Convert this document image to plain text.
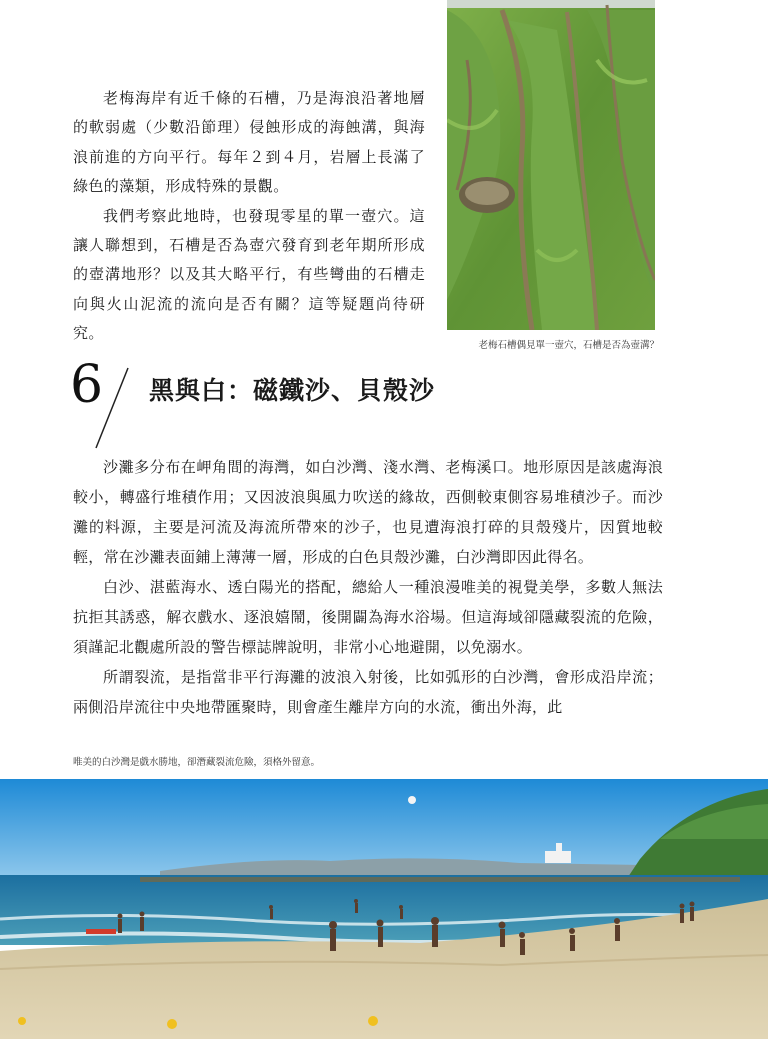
老梅石槽偶見單一壺穴，石槽是否為壺溝？

老梅海岸有近千條的石槽，乃是海浪沿著地層的軟弱處（少數沿節理）侵蝕形成的海蝕溝，與海浪前進的方向平行。每年２到４月，岩層上長滿了綠色的藻類，形成特殊的景觀。

我們考察此地時，也發現零星的單一壺穴。這讓人聯想到，石槽是否為壺穴發育到老年期所形成的壺溝地形？以及其大略平行，有些彎曲的石槽走向與火山泥流的流向是否有關？這等疑題尚待研究。

6 黑與白：磁鐵沙、貝殼沙

沙灘多分布在岬角間的海灣，如白沙灣、淺水灣、老梅溪口。地形原因是該處海浪較小，轉盛行堆積作用；又因波浪與風力吹送的緣故，西側較東側容易堆積沙子。而沙灘的料源，主要是河流及海流所帶來的沙子，也見遭海浪打碎的貝殼殘片，因質地較輕，常在沙灘表面鋪上薄薄一層，形成的白色貝殼沙灘，白沙灣即因此得名。

白沙、湛藍海水、透白陽光的搭配，總給人一種浪漫唯美的視覺美學，多數人無法抗拒其誘惑，解衣戲水、逐浪嬉鬧，後開闢為海水浴場。但這海域卻隱藏裂流的危險，須謹記北觀處所設的警告標誌牌說明，非常小心地避開，以免溺水。

所謂裂流，是指當非平行海灘的波浪入射後，比如弧形的白沙灣，會形成沿岸流；兩側沿岸流往中央地帶匯聚時，則會產生離岸方向的水流，衝出外海，此

唯美的白沙灣是戲水勝地，卻潛藏裂流危險，須格外留意。
